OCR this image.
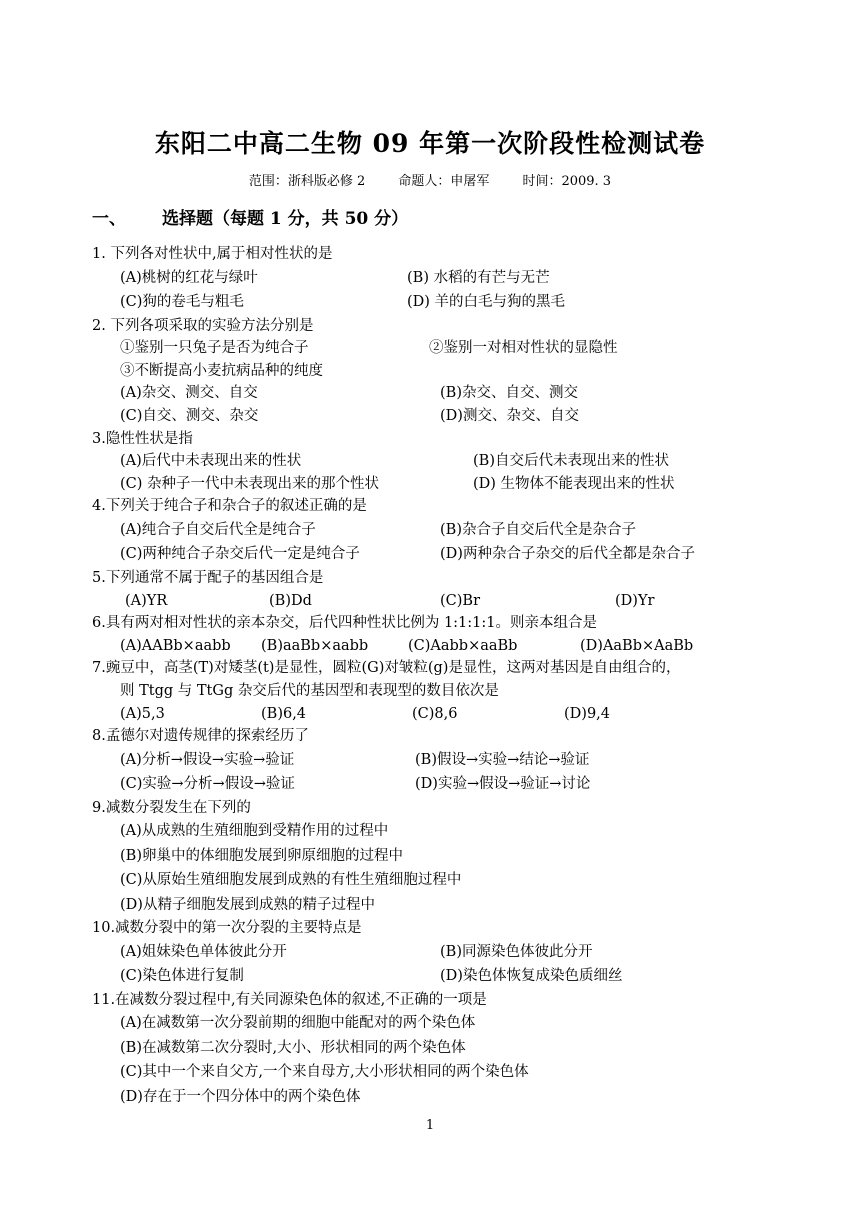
东阳二中高二生物 09 年第一次阶段性检测试卷
范围：浙科版必修 2        命题人：申屠军        时间：2009. 3
一、 选择题（每题 1 分，共 50 分）
1. 下列各对性状中,属于相对性状的是
(A)桃树的红花与绿叶	(B) 水稻的有芒与无芒
(C)狗的卷毛与粗毛	(D) 羊的白毛与狗的黑毛
2. 下列各项采取的实验方法分别是
①鉴别一只兔子是否为纯合子	②鉴别一对相对性状的显隐性
③不断提高小麦抗病品种的纯度
(A)杂交、测交、自交	(B)杂交、自交、测交
(C)自交、测交、杂交	(D)测交、杂交、自交
3.隐性性状是指
(A)后代中未表现出来的性状	(B)自交后代未表现出来的性状
(C) 杂种子一代中未表现出来的那个性状	(D) 生物体不能表现出来的性状
4.下列关于纯合子和杂合子的叙述正确的是
(A)纯合子自交后代全是纯合子	(B)杂合子自交后代全是杂合子
(C)两种纯合子杂交后代一定是纯合子	(D)两种杂合子杂交的后代全都是杂合子
5.下列通常不属于配子的基因组合是
(A)YR	(B)Dd	(C)Br	(D)Yr
6.具有两对相对性状的亲本杂交，后代四种性状比例为 1:1:1:1。则亲本组合是
(A)AABb×aabb (B)aaBb×aabb	(C)Aabb×aaBb	(D)AaBb×AaBb
7.豌豆中，高茎(T)对矮茎(t)是显性，圆粒(G)对皱粒(g)是显性，这两对基因是自由组合的，
则 Ttgg 与 TtGg 杂交后代的基因型和表现型的数目依次是
(A)5,3	(B)6,4	(C)8,6	(D)9,4
8.孟德尔对遗传规律的探索经历了
(A)分析→假设→实验→验证	(B)假设→实验→结论→验证
(C)实验→分析→假设→验证	(D)实验→假设→验证→讨论
9.减数分裂发生在下列的
(A)从成熟的生殖细胞到受精作用的过程中
(B)卵巢中的体细胞发展到卵原细胞的过程中
(C)从原始生殖细胞发展到成熟的有性生殖细胞过程中
(D)从精子细胞发展到成熟的精子过程中
10.减数分裂中的第一次分裂的主要特点是
(A)姐妹染色单体彼此分开	(B)同源染色体彼此分开
(C)染色体进行复制	(D)染色体恢复成染色质细丝
11.在减数分裂过程中,有关同源染色体的叙述,不正确的一项是
(A)在减数第一次分裂前期的细胞中能配对的两个染色体
(B)在减数第二次分裂时,大小、形状相同的两个染色体
(C)其中一个来自父方,一个来自母方,大小形状相同的两个染色体
(D)存在于一个四分体中的两个染色体
1
